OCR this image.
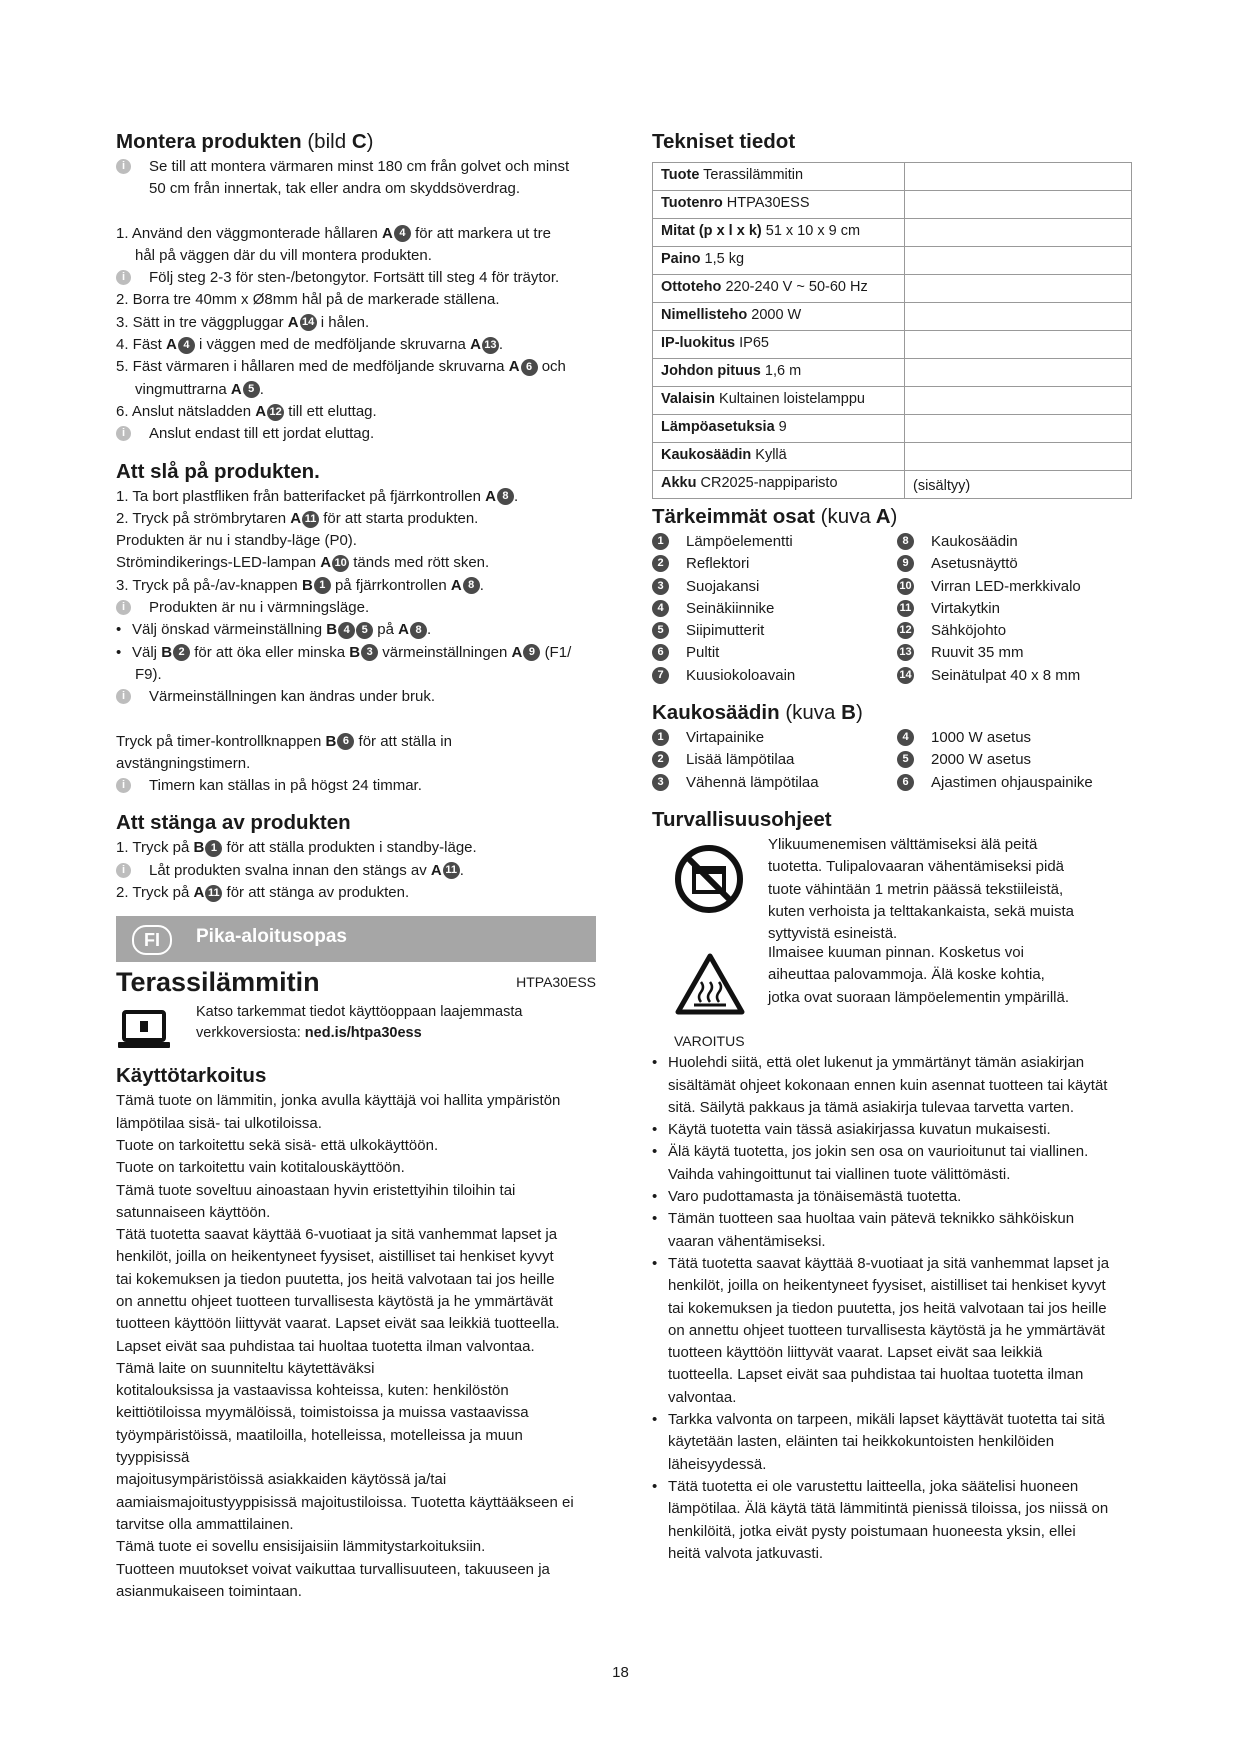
Montera produkten (bild C)
i	Se till att montera värmaren minst 180 cm från golvet och minst
50 cm från innertak, tak eller andra om skyddsöverdrag.
1. Använd den väggmonterade hållaren A 4 för att markera ut tre
hål på väggen där du vill montera produkten.
i	Följ steg 2-3 för sten-/betongytor. Fortsätt till steg 4 för träytor.
2. Borra tre 40mm x Ø8mm hål på de markerade ställena.
3. Sätt in tre väggpluggar A 14 i hålen.
4. Fäst A 4 i väggen med de medföljande skruvarna A 13 .
5. Fäst värmaren i hållaren med de medföljande skruvarna A 6 och
vingmuttrarna A 5 .
6. Anslut nätsladden A 12 till ett eluttag.
i	Anslut endast till ett jordat eluttag.
Att slå på produkten.
1. Ta bort plastfliken från batterifacket på fjärrkontrollen A 8 .
2. Tryck på strömbrytaren A 11 för att starta produkten.
Produkten är nu i standby-läge (P0).
Strömindikerings-LED-lampan A 10 tänds med rött sken.
3. Tryck på på-/av-knappen B 1 på fjärrkontrollen A 8 .
i	Produkten är nu i värmningsläge.
• Välj önskad värmeinställning B 4	5 på A 8 .
• Välj B 2 för att öka eller minska B 3 värmeinställningen A 9 (F1/
F9).
i	Värmeinställningen kan ändras under bruk.
Tryck på timer-kontrollknappen B 6 för att ställa in
avstängningstimern.
i	Timern kan ställas in på högst 24 timmar.
Att stänga av produkten
1. Tryck på B 1 för att ställa produkten i standby-läge.
i	Låt produkten svalna innan den stängs av A 11 .
2. Tryck på A 11 för att stänga av produkten.
FI	Pika-aloitusopas
Terassilämmitin	HTPA30ESS
Katso tarkemmat tiedot käyttöoppaan laajemmasta
verkkoversiosta: ned.is/htpa30ess
Käyttötarkoitus
Tämä tuote on lämmitin, jonka avulla käyttäjä voi hallita ympäristön
lämpötilaa sisä- tai ulkotiloissa.
Tuote on tarkoitettu sekä sisä- että ulkokäyttöön.
Tuote on tarkoitettu vain kotitalouskäyttöön.
Tämä tuote soveltuu ainoastaan hyvin eristettyihin tiloihin tai
satunnaiseen käyttöön.
Tätä tuotetta saavat käyttää 6-vuotiaat ja sitä vanhemmat lapset ja
henkilöt, joilla on heikentyneet fyysiset, aistilliset tai henkiset kyvyt
tai kokemuksen ja tiedon puutetta, jos heitä valvotaan tai jos heille
on annettu ohjeet tuotteen turvallisesta käytöstä ja he ymmärtävät
tuotteen käyttöön liittyvät vaarat. Lapset eivät saa leikkiä tuotteella.
Lapset eivät saa puhdistaa tai huoltaa tuotetta ilman valvontaa.
Tämä laite on suunniteltu käytettäväksi
kotitalouksissa ja vastaavissa kohteissa, kuten: henkilöstön
keittiötiloissa myymälöissä, toimistoissa ja muissa vastaavissa
työympäristöissä, maatiloilla, hotelleissa, motelleissa ja muun
tyyppisissä
majoitusympäristöissä asiakkaiden käytössä ja/tai
aamiaismajoitustyyppisissä majoitustiloissa. Tuotetta käyttääkseen ei
tarvitse olla ammattilainen.
Tämä tuote ei sovellu ensisijaisiin lämmitystarkoituksiin.
Tuotteen muutokset voivat vaikuttaa turvallisuuteen, takuuseen ja
asianmukaiseen toimintaan.
Tekniset tiedot
Tuote Terassilämmitin	
Tuotenro HTPA30ESS	
Mitat (p x l x k) 51 x 10 x 9 cm	
Paino 1,5 kg	
Ottoteho 220-240 V ~ 50-60 Hz	
Nimellisteho 2000 W	
IP-luokitus IP65	
Johdon pituus 1,6 m	
Valaisin Kultainen loistelamppu	
Lämpöasetuksia 9	
Kaukosäädin Kyllä	
Akku CR2025-nappiparisto	(sisältyy)
Tärkeimmät osat (kuva A)
1	Lämpöelementti	8	Kaukosäädin
2	Reflektori	9	Asetusnäyttö
3	Suojakansi	10 Virran LED-merkkivalo
4	Seinäkiinnike	11 Virtakytkin
5	Siipimutterit	12 Sähköjohto
6	Pultit	13 Ruuvit 35 mm
7	Kuusiokoloavain	14 Seinätulpat 40 x 8 mm
Kaukosäädin (kuva B)
1	Virtapainike	4	1000 W asetus
2	Lisää lämpötilaa	5	2000 W asetus
3	Vähennä lämpötilaa	6	Ajastimen ohjauspainike
Turvallisuusohjeet
Ylikuumenemisen välttämiseksi älä peitä
tuotetta. Tulipalovaaran vähentämiseksi pidä
tuote vähintään 1 metrin päässä tekstiileistä,
kuten verhoista ja telttakankaista, sekä muista
syttyvistä esineistä.
Ilmaisee kuuman pinnan. Kosketus voi
aiheuttaa palovammoja. Älä koske kohtia,
jotka ovat suoraan lämpöelementin ympärillä.
VAROITUS
• Huolehdi siitä, että olet lukenut ja ymmärtänyt tämän asiakirjan
sisältämät ohjeet kokonaan ennen kuin asennat tuotteen tai käytät
sitä. Säilytä pakkaus ja tämä asiakirja tulevaa tarvetta varten.
• Käytä tuotetta vain tässä asiakirjassa kuvatun mukaisesti.
• Älä käytä tuotetta, jos jokin sen osa on vaurioitunut tai viallinen.
Vaihda vahingoittunut tai viallinen tuote välittömästi.
• Varo pudottamasta ja tönäisemästä tuotetta.
• Tämän tuotteen saa huoltaa vain pätevä teknikko sähköiskun
vaaran vähentämiseksi.
• Tätä tuotetta saavat käyttää 8-vuotiaat ja sitä vanhemmat lapset ja
henkilöt, joilla on heikentyneet fyysiset, aistilliset tai henkiset kyvyt
tai kokemuksen ja tiedon puutetta, jos heitä valvotaan tai jos heille
on annettu ohjeet tuotteen turvallisesta käytöstä ja he ymmärtävät
tuotteen käyttöön liittyvät vaarat. Lapset eivät saa leikkiä
tuotteella. Lapset eivät saa puhdistaa tai huoltaa tuotetta ilman
valvontaa.
• Tarkka valvonta on tarpeen, mikäli lapset käyttävät tuotetta tai sitä
käytetään lasten, eläinten tai heikkokuntoisten henkilöiden
läheisyydessä.
• Tätä tuotetta ei ole varustettu laitteella, joka säätelisi huoneen
lämpötilaa. Älä käytä tätä lämmitintä pienissä tiloissa, jos niissä on
henkilöitä, jotka eivät pysty poistumaan huoneesta yksin, ellei
heitä valvota jatkuvasti.
18
